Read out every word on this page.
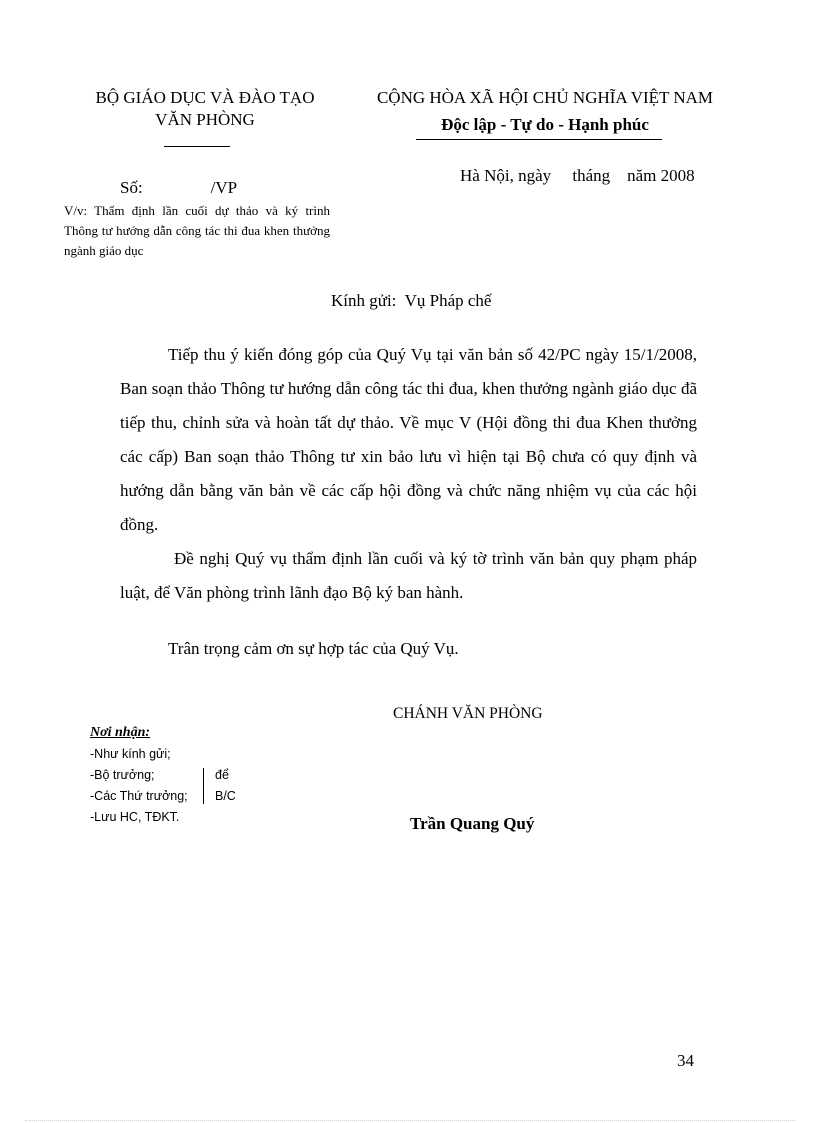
BỘ GIÁO DỤC VÀ ĐÀO TẠO
VĂN PHÒNG
CỘNG HÒA XÃ HỘI CHỦ NGHĨA VIỆT NAM
Độc lập - Tự do - Hạnh phúc
Số:                /VP
Hà Nội, ngày     tháng    năm 2008
V/v: Thẩm định lần cuối dự thảo và ký trình Thông tư hướng dẫn công tác thi đua khen thưởng ngành giáo dục
Kính gửi:  Vụ Pháp chế

Tiếp thu ý kiến đóng góp của Quý Vụ tại văn bản số 42/PC ngày 15/1/2008, Ban soạn thảo Thông tư hướng dẫn công tác thi đua, khen thưởng ngành giáo dục đã tiếp thu, chỉnh sửa và hoàn tất dự thảo. Về mục V (Hội đồng thi đua Khen thưởng các cấp) Ban soạn thảo Thông tư xin bảo lưu vì hiện tại Bộ chưa có quy định và hướng dẫn bằng văn bản về các cấp hội đồng và chức năng nhiệm vụ của các hội đồng.

Đề nghị Quý vụ thẩm định lần cuối và ký tờ trình văn bản quy phạm pháp luật, để Văn phòng trình lãnh đạo Bộ ký ban hành.

Trân trọng cảm ơn sự hợp tác của Quý Vụ.

CHÁNH VĂN PHÒNG
Trần Quang Quý
Nơi nhận:
-Như kính gửi;
-Bộ trưởng;
-Các Thứ trưởng;
-Lưu HC, TĐKT.
để
B/C
34
